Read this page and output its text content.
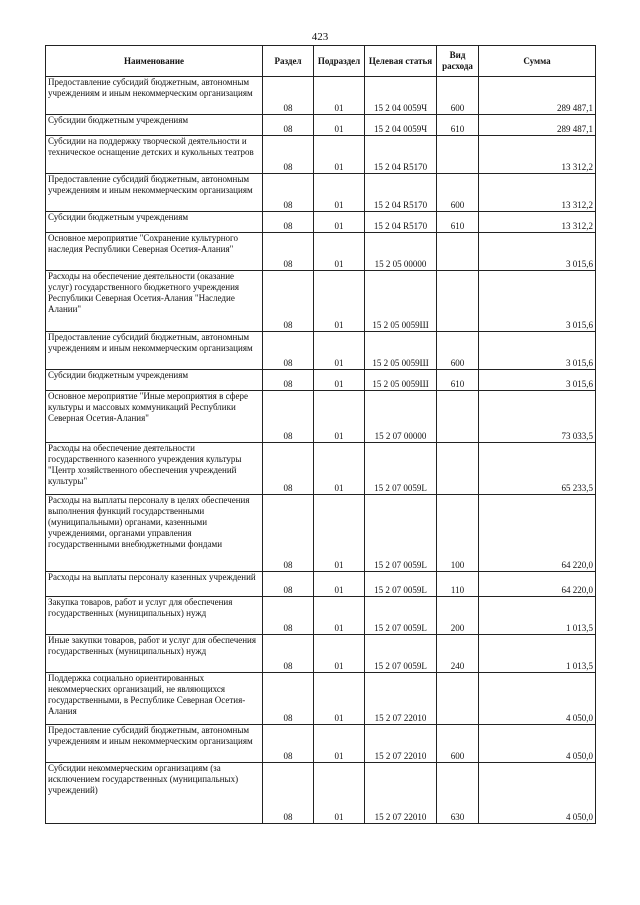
423
Наименование	Раздел	Подраздел	Целевая статья	Вид расхода	Сумма
Предоставление субсидий бюджетным, автономным учреждениям и иным некоммерческим организациям	08	01	15 2 04 0059Ч	600	289 487,1
Субсидии бюджетным учреждениям	08	01	15 2 04 0059Ч	610	289 487,1
Субсидии на поддержку творческой деятельности и техническое оснащение детских и кукольных театров	08	01	15 2 04 R5170		13 312,2
Предоставление субсидий бюджетным, автономным учреждениям и иным некоммерческим организациям	08	01	15 2 04 R5170	600	13 312,2
Субсидии бюджетным учреждениям	08	01	15 2 04 R5170	610	13 312,2
Основное мероприятие "Сохранение культурного наследия Республики Северная Осетия-Алания"	08	01	15 2 05 00000		3 015,6
Расходы на обеспечение деятельности (оказание услуг) государственного бюджетного учреждения Республики Северная Осетия-Алания "Наследие Алании"	08	01	15 2 05 0059Ш		3 015,6
Предоставление субсидий бюджетным, автономным учреждениям и иным некоммерческим организациям	08	01	15 2 05 0059Ш	600	3 015,6
Субсидии бюджетным учреждениям	08	01	15 2 05 0059Ш	610	3 015,6
Основное мероприятие "Иные мероприятия в сфере культуры и массовых коммуникаций Республики Северная Осетия-Алания"	08	01	15 2 07 00000		73 033,5
Расходы на обеспечение деятельности государственного казенного учреждения культуры "Центр хозяйственного обеспечения учреждений культуры"	08	01	15 2 07 0059L		65 233,5
Расходы на выплаты персоналу в целях обеспечения выполнения функций государственными (муниципальными) органами, казенными учреждениями, органами управления государственными внебюджетными фондами	08	01	15 2 07 0059L	100	64 220,0
Расходы на выплаты персоналу казенных учреждений	08	01	15 2 07 0059L	110	64 220,0
Закупка товаров, работ и услуг для обеспечения государственных (муниципальных) нужд	08	01	15 2 07 0059L	200	1 013,5
Иные закупки товаров, работ и услуг для обеспечения государственных (муниципальных) нужд	08	01	15 2 07 0059L	240	1 013,5
Поддержка социально ориентированных некоммерческих организаций, не являющихся государственными, в Республике Северная Осетия-Алания	08	01	15 2 07 22010		4 050,0
Предоставление субсидий бюджетным, автономным учреждениям и иным некоммерческим организациям	08	01	15 2 07 22010	600	4 050,0
Субсидии некоммерческим организациям (за исключением государственных (муниципальных) учреждений)	08	01	15 2 07 22010	630	4 050,0
